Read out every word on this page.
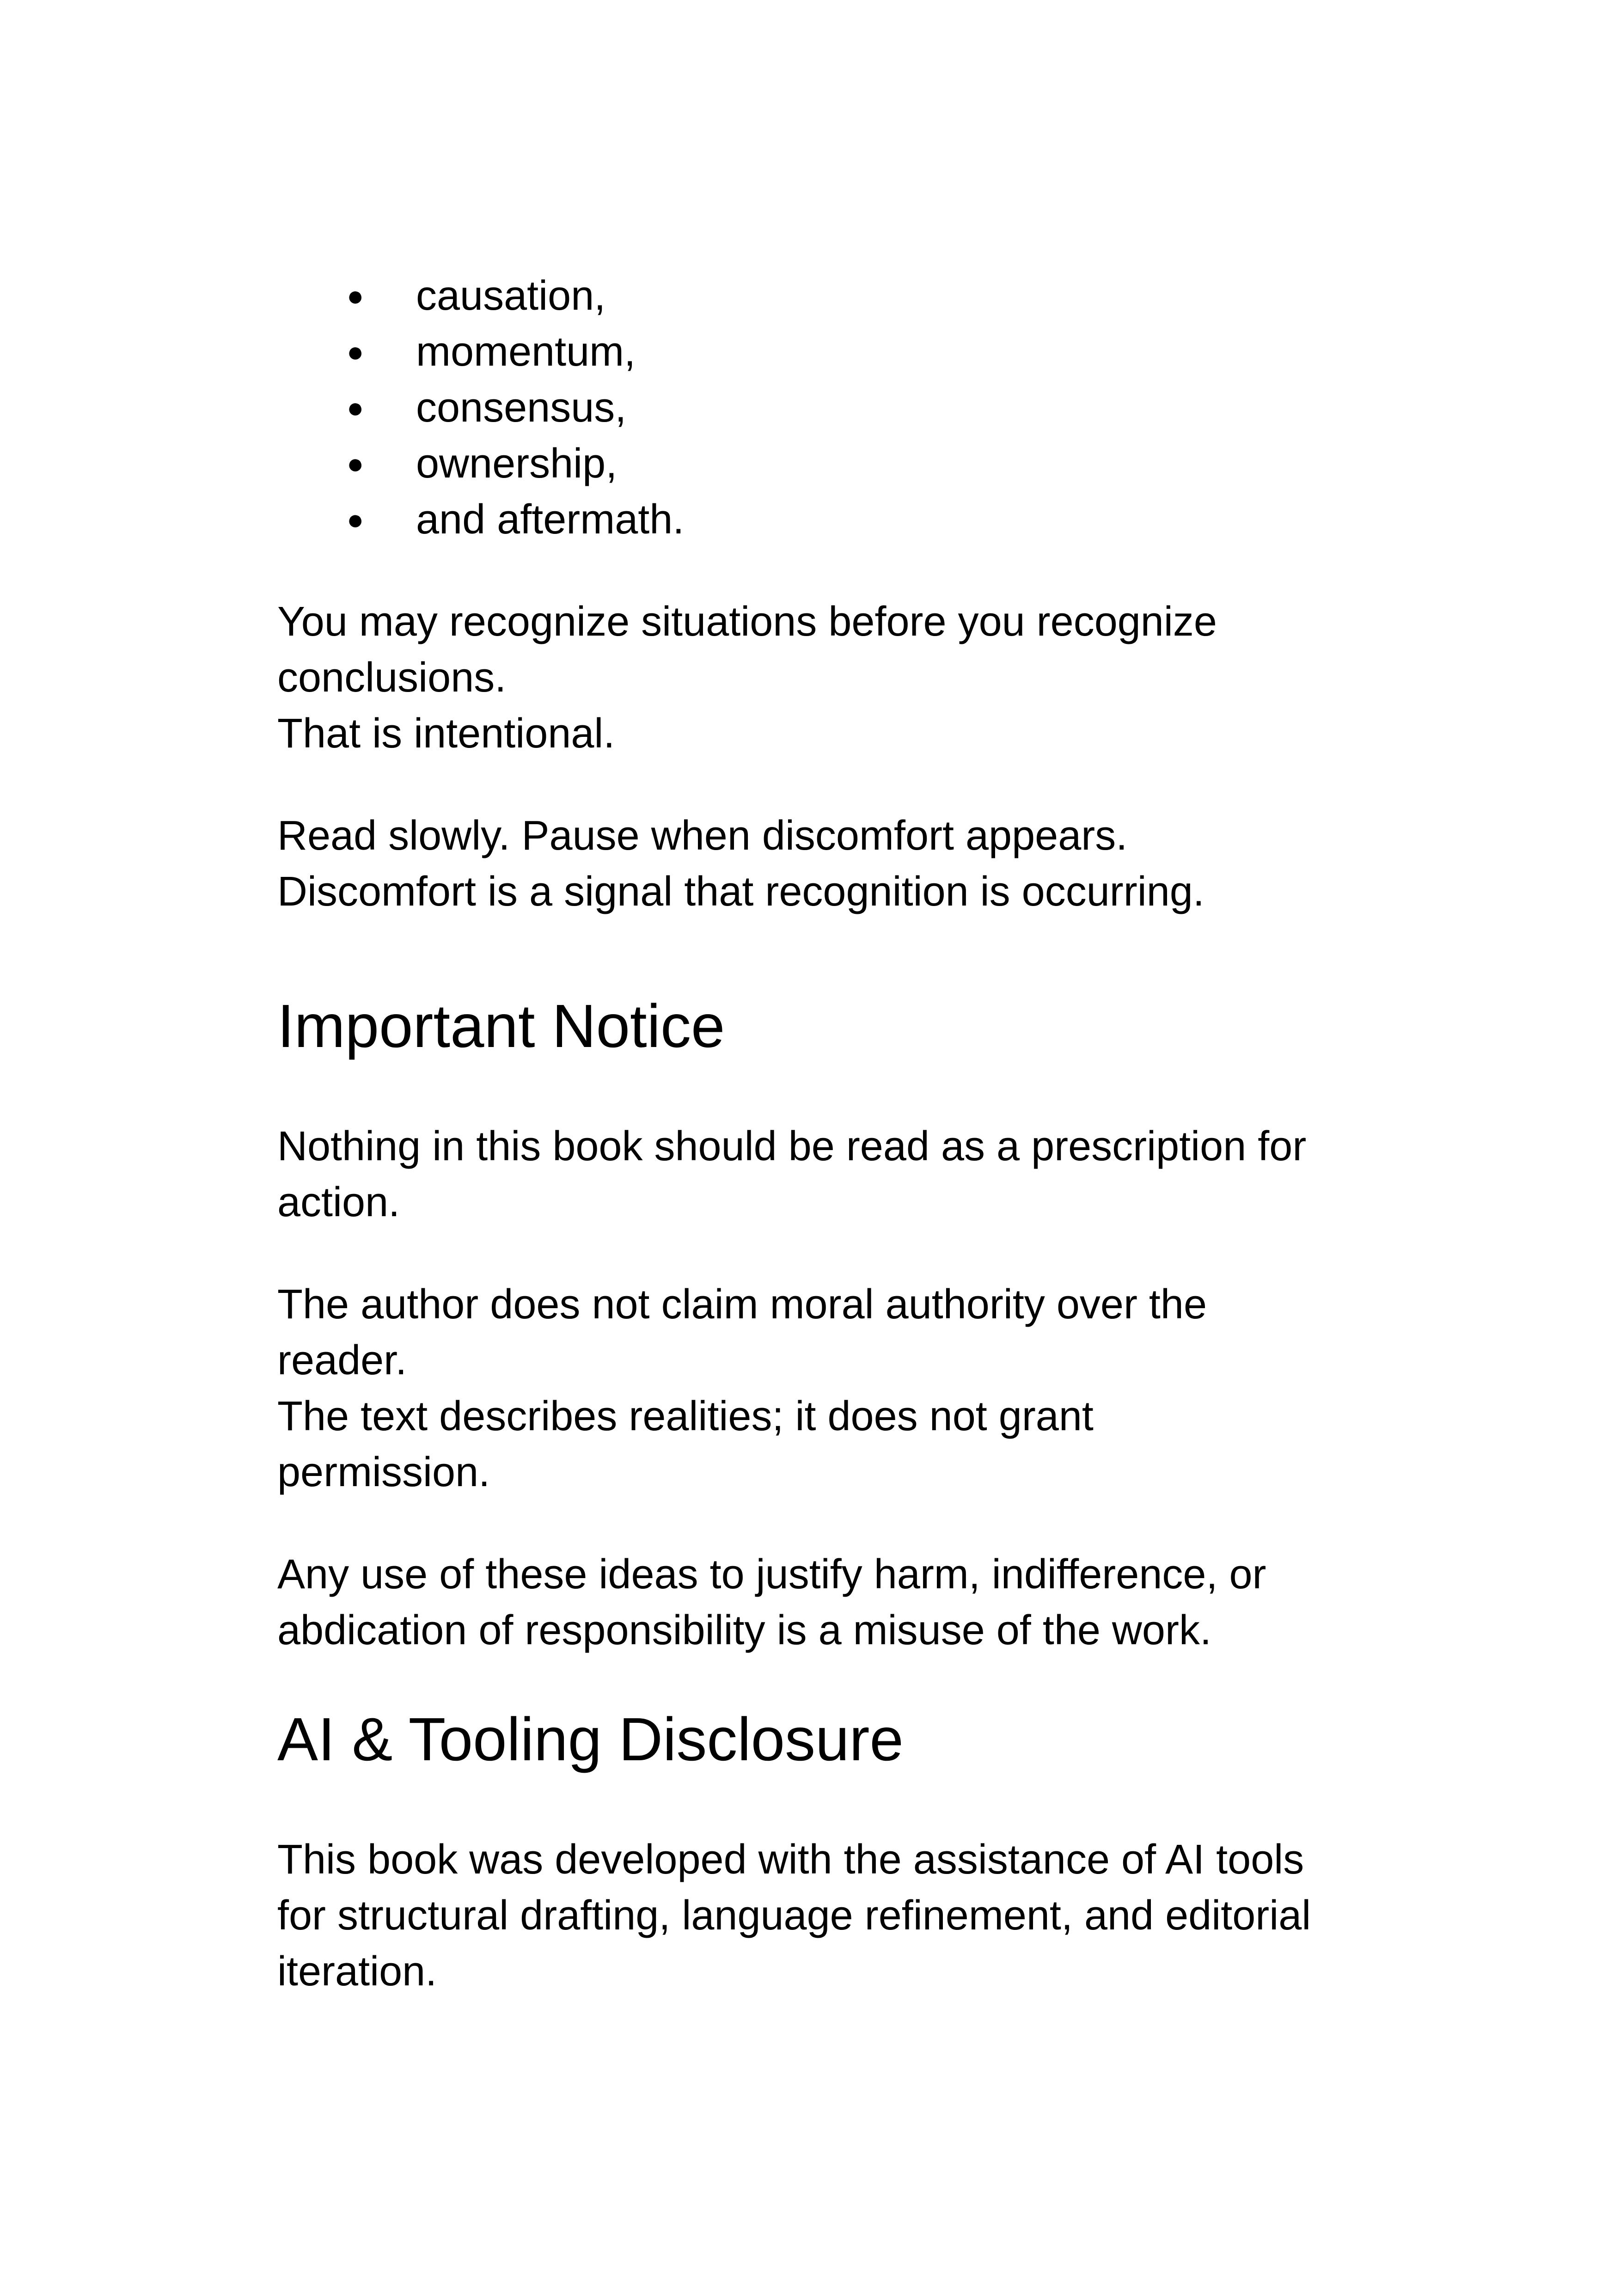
● causation,
● momentum,
● consensus,
● ownership,
● and aftermath.

You may recognize situations before you recognize
conclusions.
That is intentional.

Read slowly. Pause when discomfort appears.
Discomfort is a signal that recognition is occurring.

Important Notice

Nothing in this book should be read as a prescription for
action.

The author does not claim moral authority over the
reader.
The text describes realities; it does not grant
permission.

Any use of these ideas to justify harm, indifference, or
abdication of responsibility is a misuse of the work.

AI & Tooling Disclosure

This book was developed with the assistance of AI tools
for structural drafting, language refinement, and editorial
iteration.
